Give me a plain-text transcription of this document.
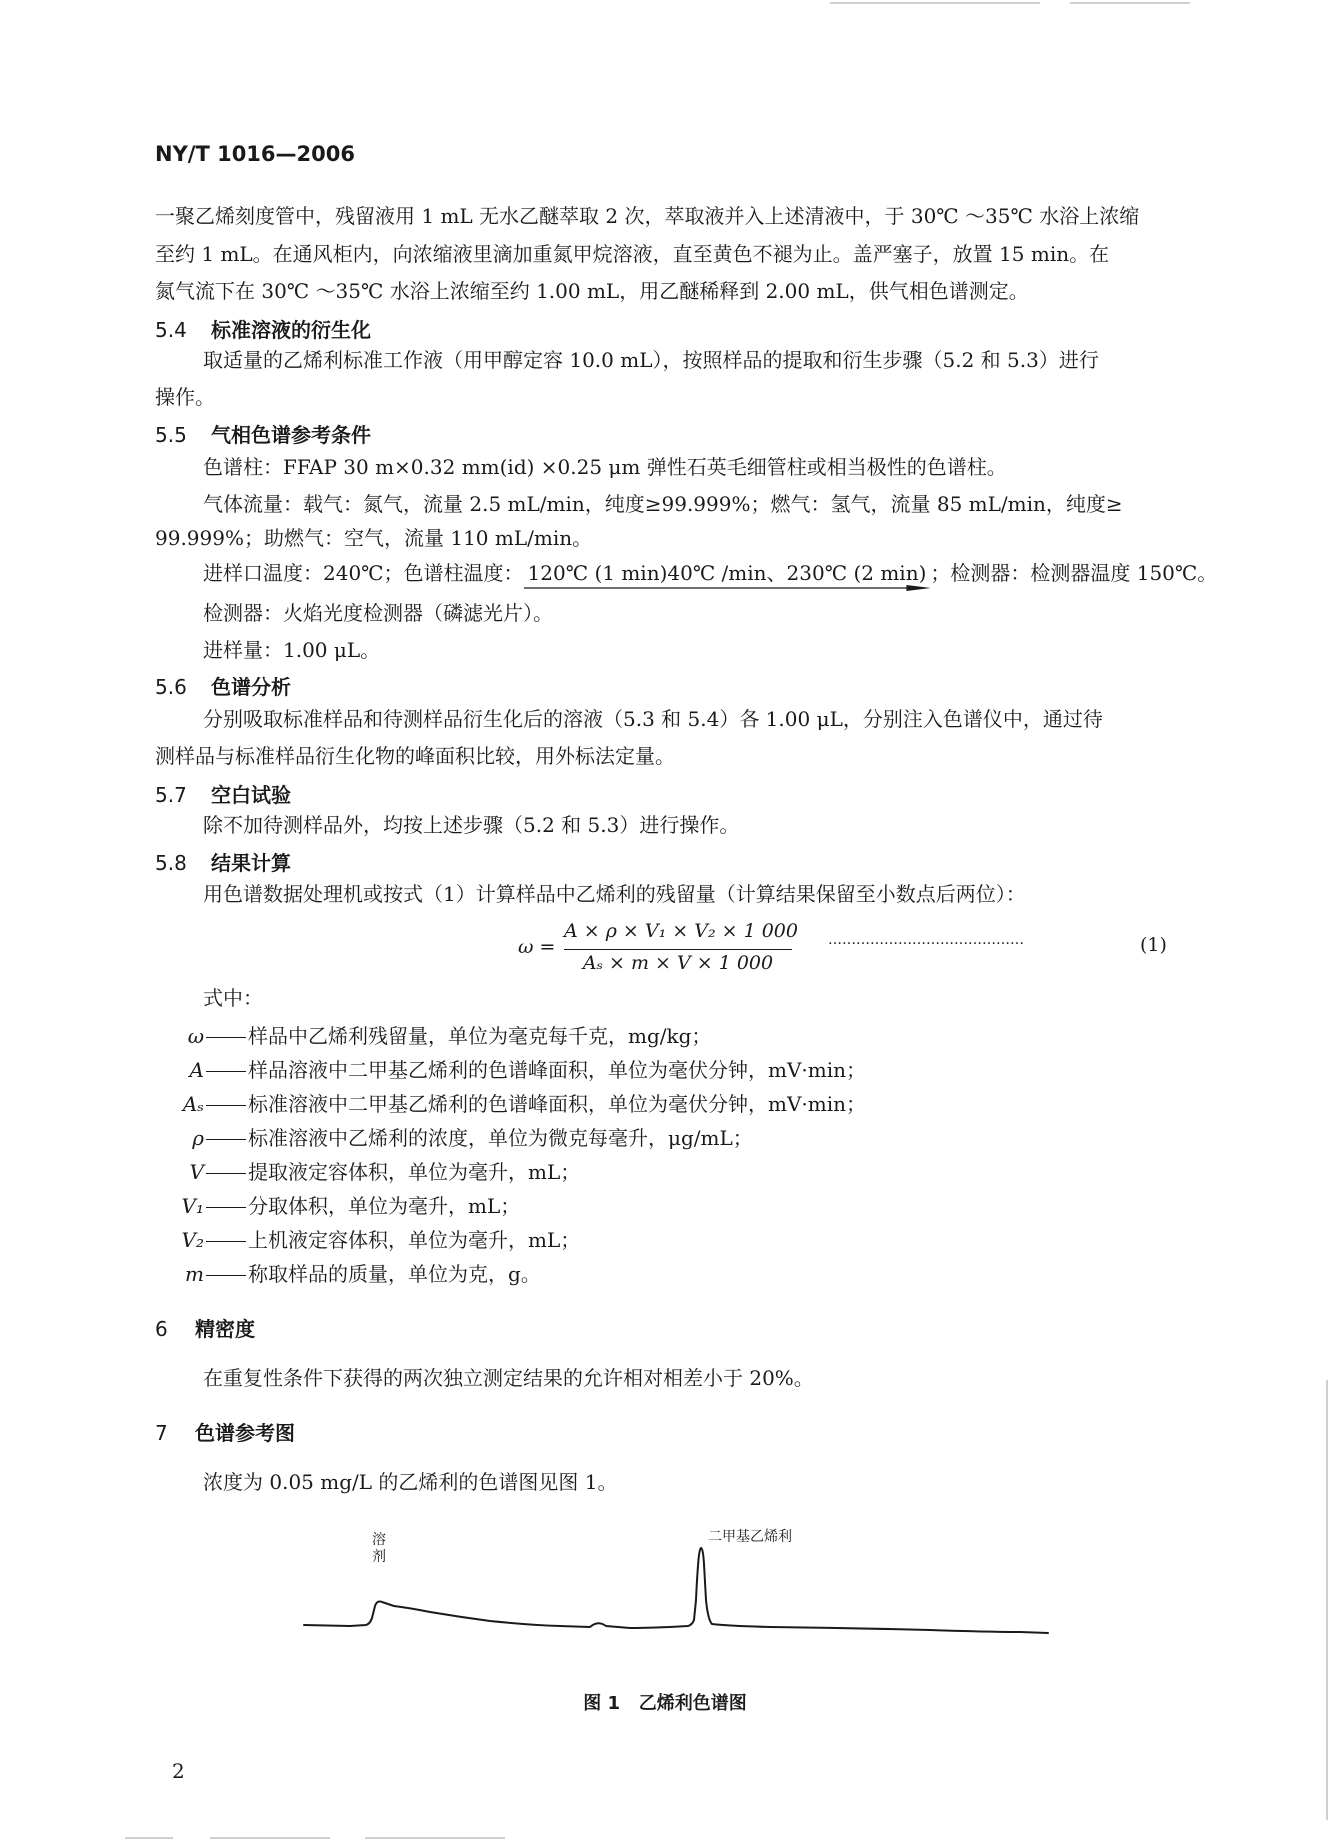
NY/T 1016—2006
一聚乙烯刻度管中，残留液用 1 mL 无水乙醚萃取 2 次，萃取液并入上述清液中，于 30℃ ～35℃ 水浴上浓缩
至约 1 mL。在通风柜内，向浓缩液里滴加重氮甲烷溶液，直至黄色不褪为止。盖严塞子，放置 15 min。在
氮气流下在 30℃ ～35℃ 水浴上浓缩至约 1.00 mL，用乙醚稀释到 2.00 mL，供气相色谱测定。
5.4 标准溶液的衍生化
取适量的乙烯利标准工作液（用甲醇定容 10.0 mL），按照样品的提取和衍生步骤（5.2 和 5.3）进行
操作。
5.5 气相色谱参考条件
色谱柱：FFAP 30 m×0.32 mm(id) ×0.25 μm 弹性石英毛细管柱或相当极性的色谱柱。
气体流量：载气：氮气，流量 2.5 mL/min，纯度≥99.999%；燃气：氢气，流量 85 mL/min，纯度≥
99.999%；助燃气：空气，流量 110 mL/min。
进样口温度：240℃；色谱柱温度： 120℃ (1 min)40℃ /min、230℃ (2 min) ；检测器：检测器温度 150℃。
检测器：火焰光度检测器（磷滤光片）。
进样量：1.00 μL。
5.6 色谱分析
分别吸取标准样品和待测样品衍生化后的溶液（5.3 和 5.4）各 1.00 μL，分别注入色谱仪中，通过待
测样品与标准样品衍生化物的峰面积比较，用外标法定量。
5.7 空白试验
除不加待测样品外，均按上述步骤（5.2 和 5.3）进行操作。
5.8 结果计算
用色谱数据处理机或按式（1）计算样品中乙烯利的残留量（计算结果保留至小数点后两位）：
ω =
A × ρ × V₁ × V₂ × 1 000
Aₛ × m × V × 1 000
……………………………………	(1)
式中：
ω 样品中乙烯利残留量，单位为毫克每千克，mg/kg；
A 样品溶液中二甲基乙烯利的色谱峰面积，单位为毫伏分钟，mV·min；
Aₛ 标准溶液中二甲基乙烯利的色谱峰面积，单位为毫伏分钟，mV·min；
ρ 标准溶液中乙烯利的浓度，单位为微克每毫升，μg/mL；
V 提取液定容体积，单位为毫升，mL；
V₁ 分取体积，单位为毫升，mL；
V₂ 上机液定容体积，单位为毫升，mL；
m 称取样品的质量，单位为克，g。
6 精密度
在重复性条件下获得的两次独立测定结果的允许相对相差小于 20%。
7 色谱参考图
浓度为 0.05 mg/L 的乙烯利的色谱图见图 1。
溶
剂
二甲基乙烯利
图 1   乙烯利色谱图
2
